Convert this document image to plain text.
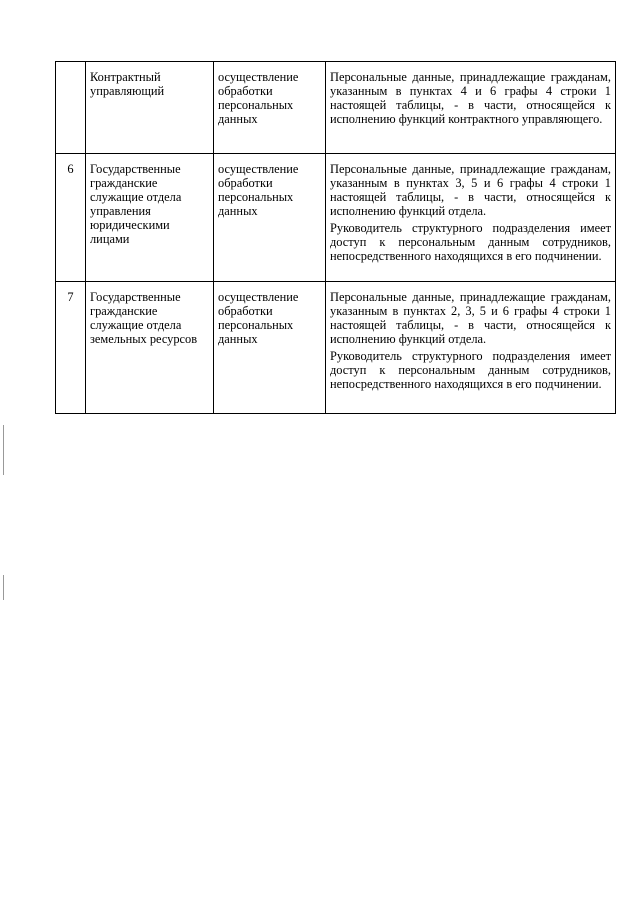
	Контрактный управляющий	осуществление обработки персональных данных	Персональные данные, принадлежащие гражданам, указанным в пунктах 4 и 6 графы 4 строки 1 настоящей таблицы, - в части, относящейся к исполнению функций контрактного управляющего.

6	Государственные гражданские служащие отдела управления юридическими лицами	осуществление обработки персональных данных	Персональные данные, принадлежащие гражданам, указанным в пунктах 3, 5 и 6 графы 4 строки 1 настоящей таблицы, - в части, относящейся к исполнению функций отдела.

Руководитель структурного подразделения имеет доступ к персональным данным сотрудников, непосредственного находящихся в его подчинении.

7	Государственные гражданские служащие отдела земельных ресурсов	осуществление обработки персональных данных	Персональные данные, принадлежащие гражданам, указанным в пунктах 2, 3, 5 и 6 графы 4 строки 1 настоящей таблицы, - в части, относящейся к исполнению функций отдела.

Руководитель структурного подразделения имеет доступ к персональным данным сотрудников, непосредственного находящихся в его подчинении.
